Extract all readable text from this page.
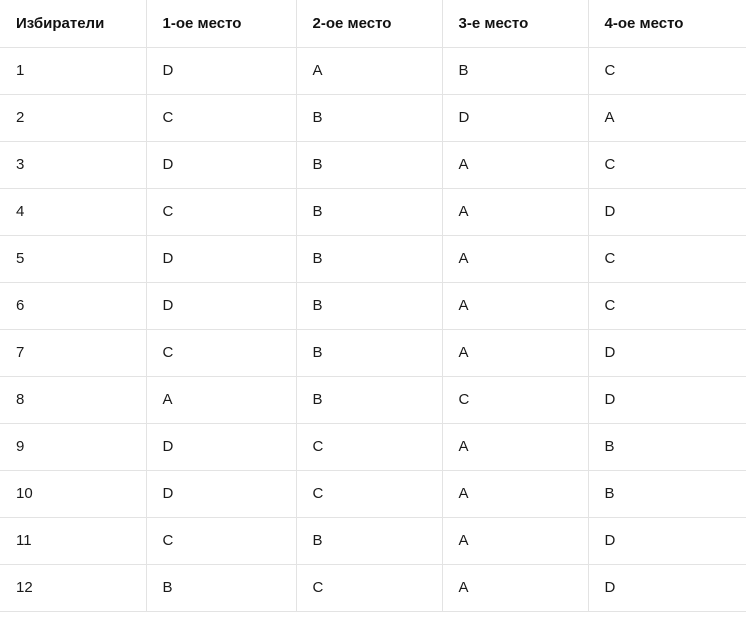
Избиратели	1-ое место	2-ое место	3-е место	4-ое место
1	D	A	B	C
2	C	B	D	A
3	D	B	A	C
4	C	B	A	D
5	D	B	A	C
6	D	B	A	C
7	C	B	A	D
8	A	B	C	D
9	D	C	A	B
10	D	C	A	B
11	C	B	A	D
12	B	C	A	D
